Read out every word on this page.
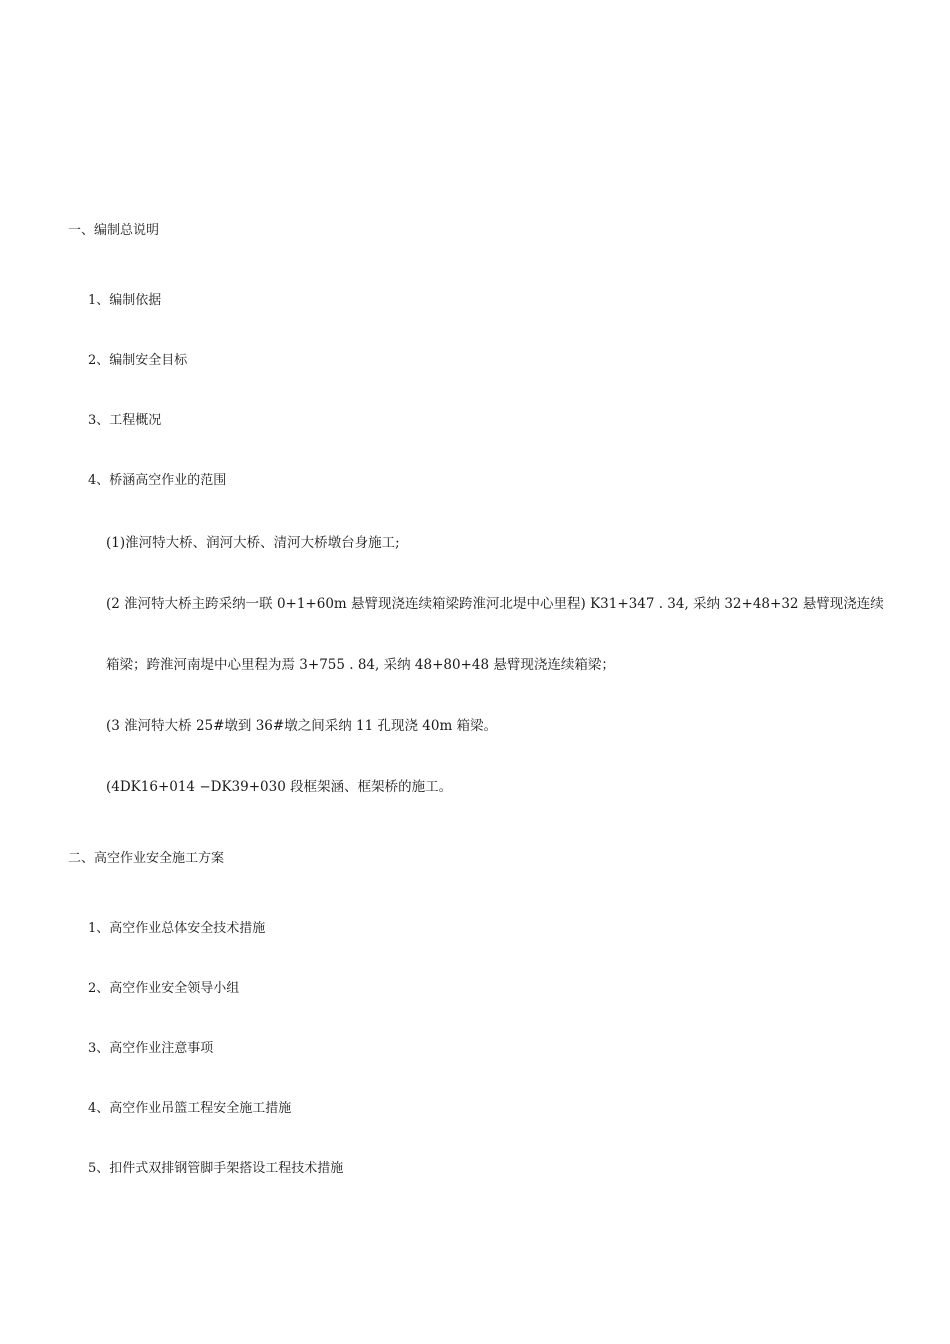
一、编制总说明
1、编制依据
2、编制安全目标
3、工程概况
4、桥涵高空作业的范围
(1)淮河特大桥、润河大桥、清河大桥墩台身施工;
(2 淮河特大桥主跨采纳一联 0+1+60m 悬臂现浇连续箱梁跨淮河北堤中心里程) K31+347 . 34, 采纳 32+48+32 悬臂现浇连续
箱梁；跨淮河南堤中心里程为焉 3+755 . 84, 采纳 48+80+48 悬臂现浇连续箱梁；
(3 淮河特大桥 25#墩到 36#墩之间采纳 11 孔现浇 40m 箱梁。
(4DK16+014 −DK39+030 段框架涵、框架桥的施工。
二、高空作业安全施工方案
1、高空作业总体安全技术措施
2、高空作业安全领导小组
3、高空作业注意事项
4、高空作业吊篮工程安全施工措施
5、扣件式双排钢管脚手架搭设工程技术措施
